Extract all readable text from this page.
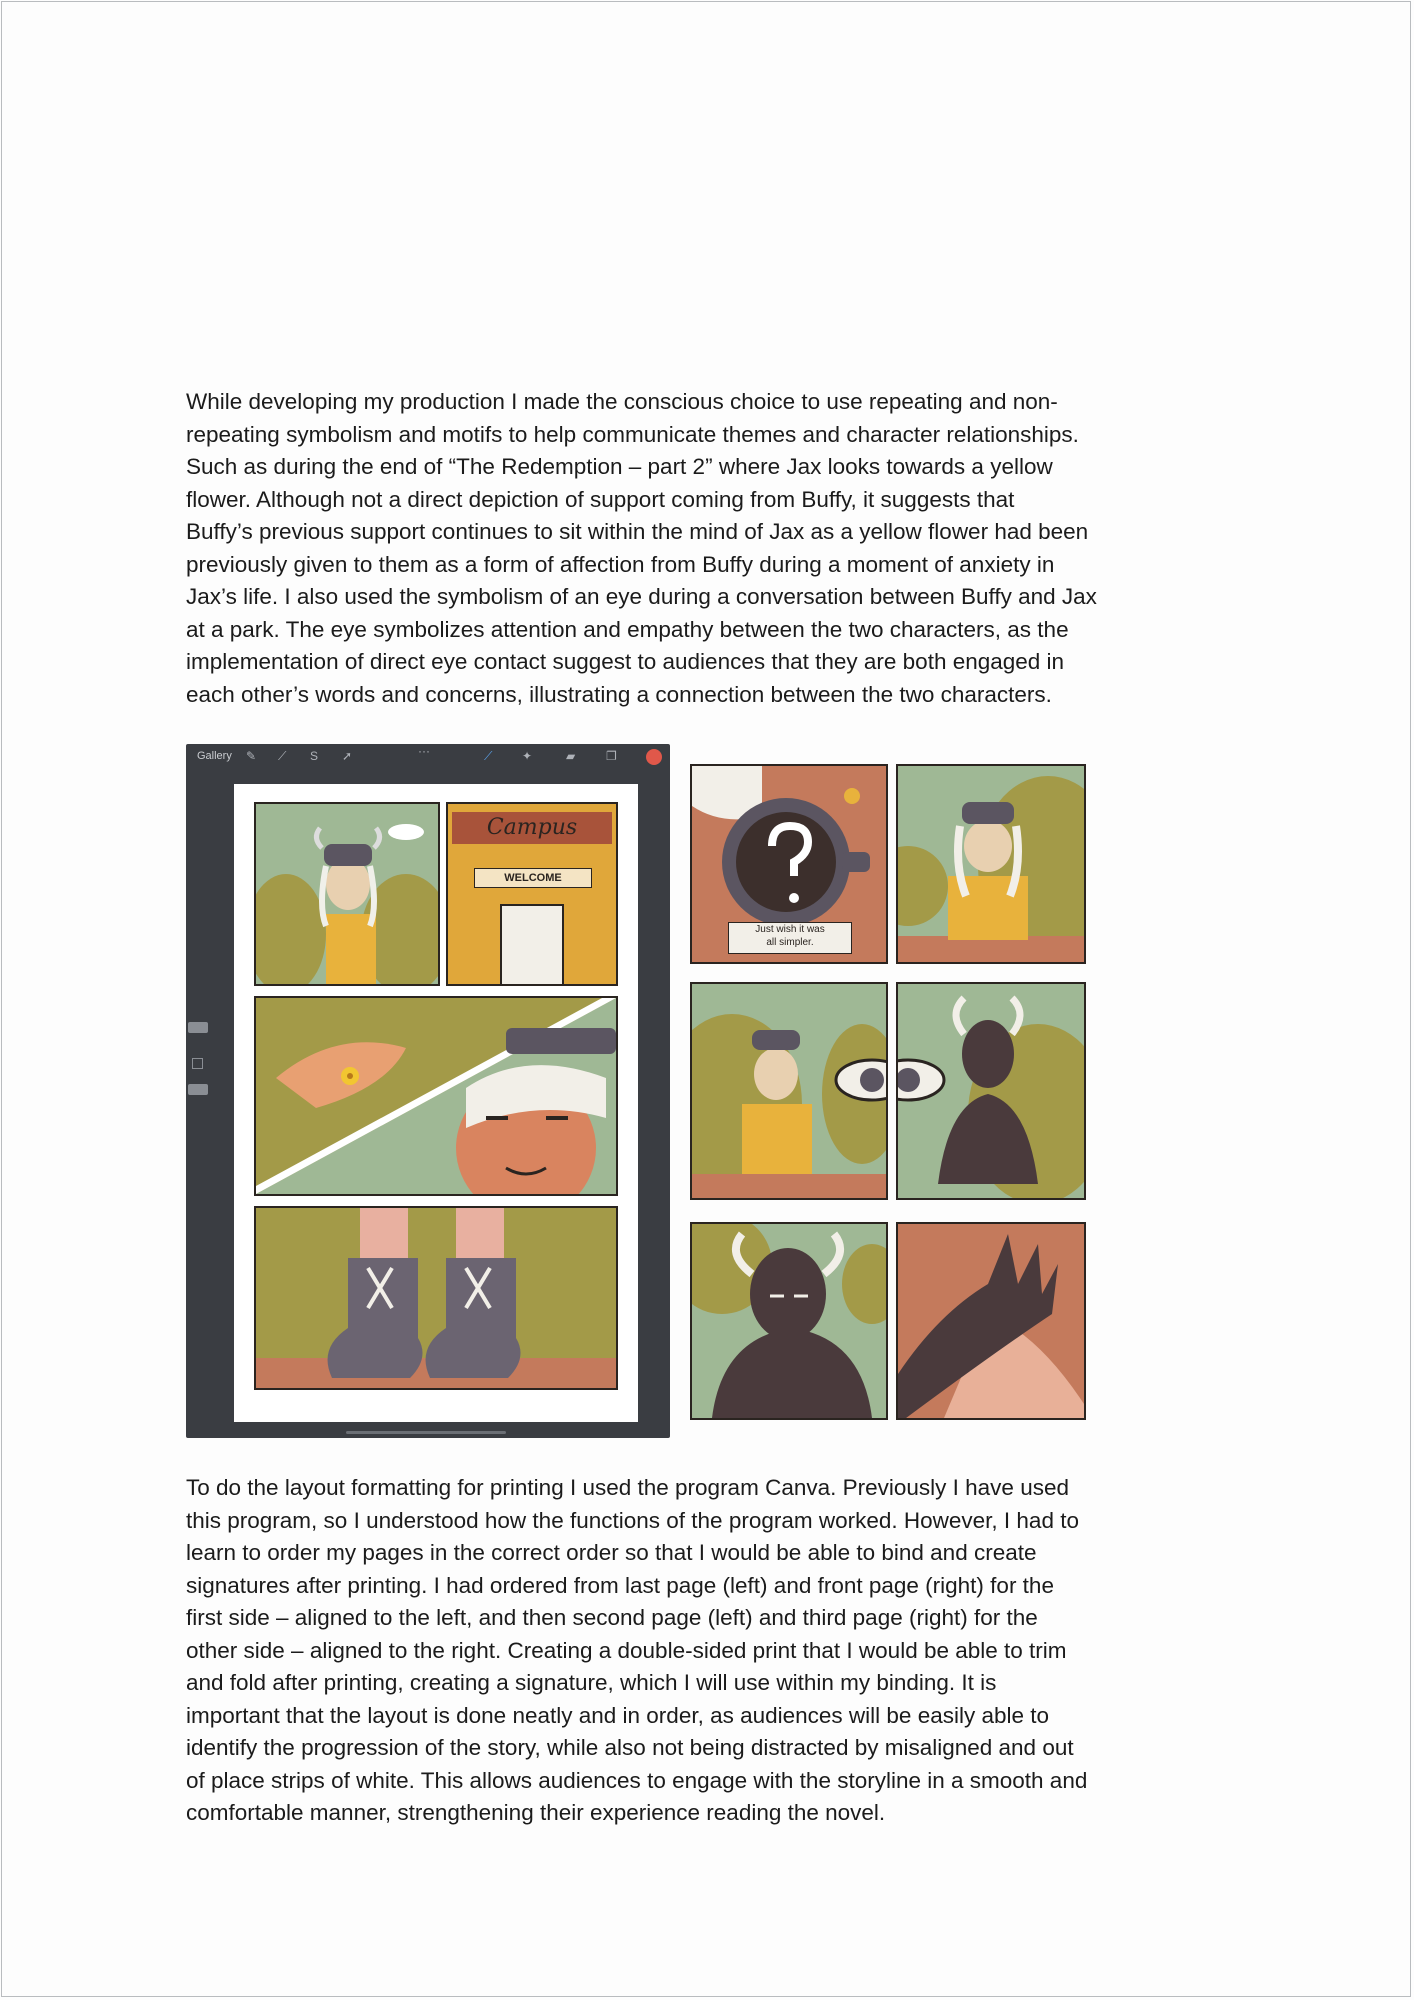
While developing my production I made the conscious choice to use repeating and non-
repeating symbolism and motifs to help communicate themes and character relationships.
Such as during the end of “The Redemption – part 2” where Jax looks towards a yellow
flower. Although not a direct depiction of support coming from Buffy, it suggests that
Buffy’s previous support continues to sit within the mind of Jax as a yellow flower had been
previously given to them as a form of affection from Buffy during a moment of anxiety in
Jax’s life. I also used the symbolism of an eye during a conversation between Buffy and Jax
at a park. The eye symbolizes attention and empathy between the two characters, as the
implementation of direct eye contact suggest to audiences that they are both engaged in
each other’s words and concerns, illustrating a connection between the two characters.
Gallery ✎ ⟋ S ➚	···	⟋ ✦	▰	❐
Campus
WELCOME
Just wish it was
all simpler.
To do the layout formatting for printing I used the program Canva. Previously I have used
this program, so I understood how the functions of the program worked. However, I had to
learn to order my pages in the correct order so that I would be able to bind and create
signatures after printing. I had ordered from last page (left) and front page (right) for the
first side – aligned to the left, and then second page (left) and third page (right) for the
other side – aligned to the right. Creating a double-sided print that I would be able to trim
and fold after printing, creating a signature, which I will use within my binding. It is
important that the layout is done neatly and in order, as audiences will be easily able to
identify the progression of the story, while also not being distracted by misaligned and out
of place strips of white. This allows audiences to engage with the storyline in a smooth and
comfortable manner, strengthening their experience reading the novel.
